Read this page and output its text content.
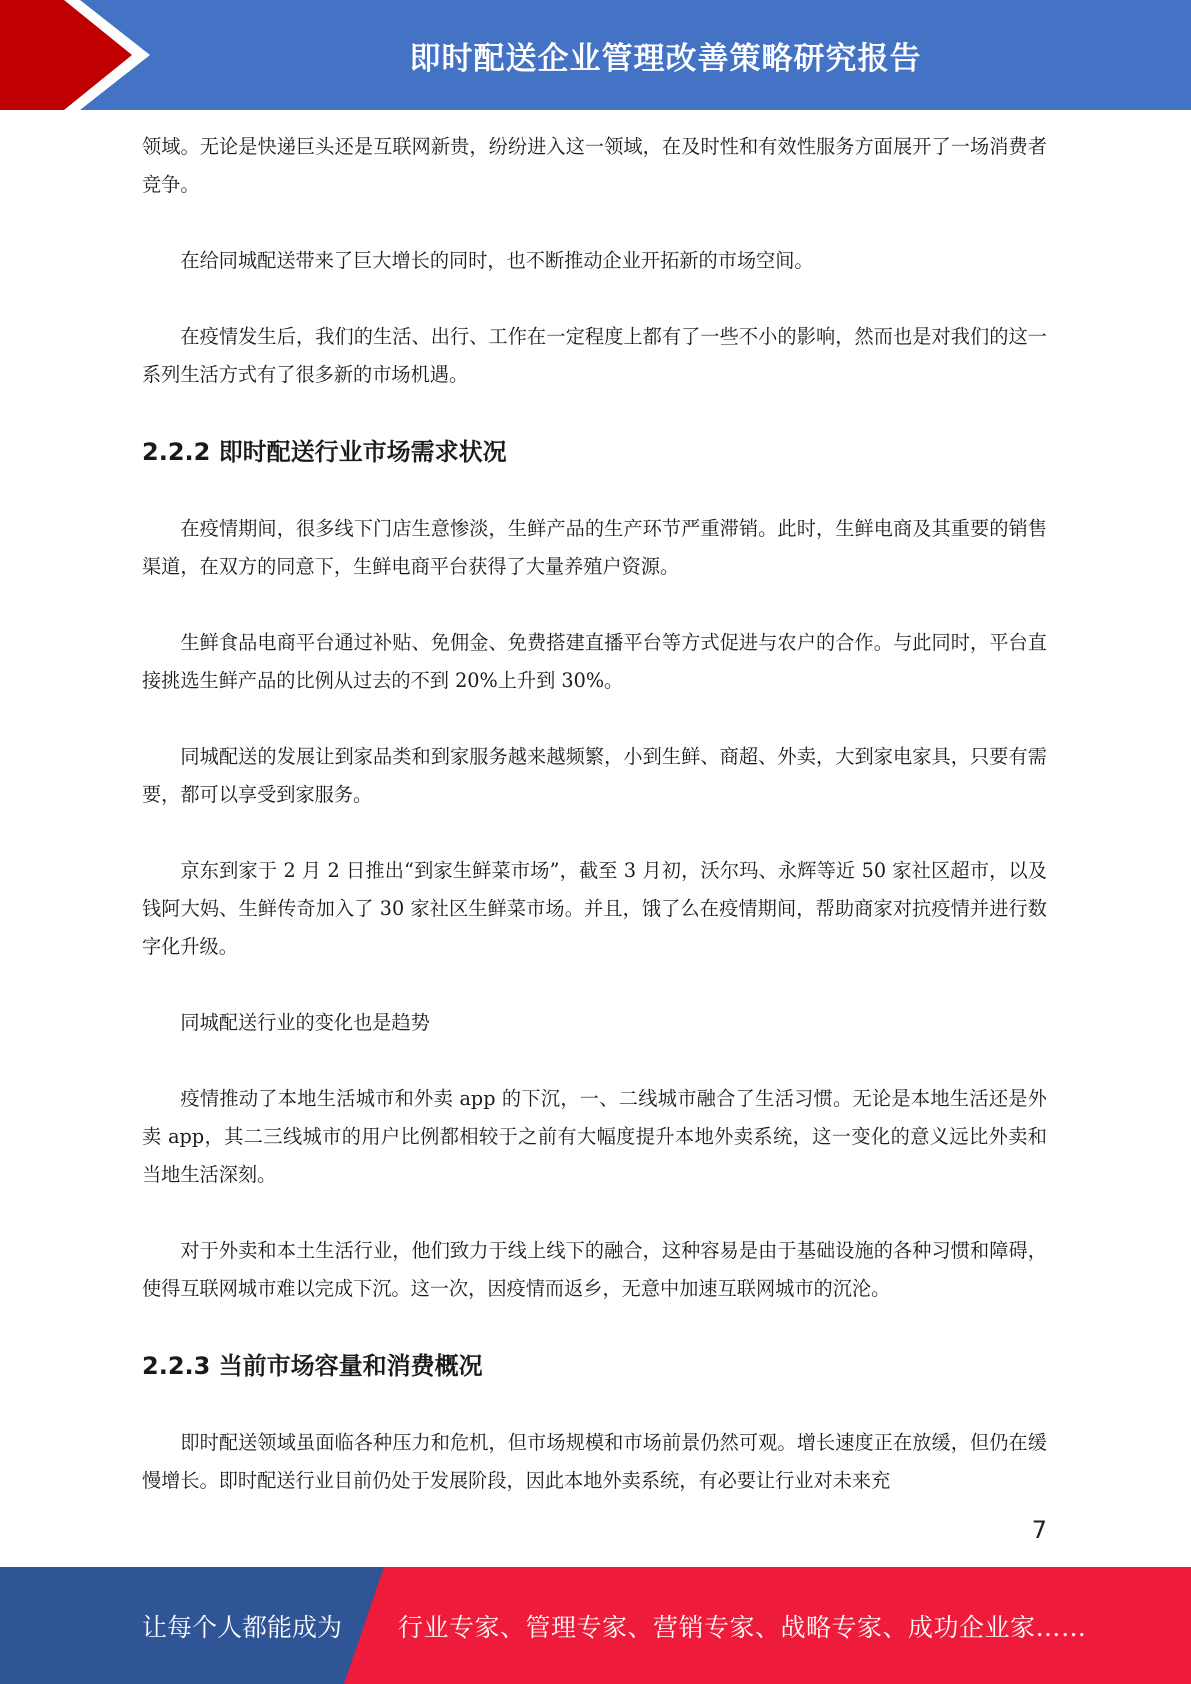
即时配送企业管理改善策略研究报告

领域。无论是快递巨头还是互联网新贵，纷纷进入这一领域，在及时性和有效性服务方面展开了一场消费者竞争。

在给同城配送带来了巨大增长的同时，也不断推动企业开拓新的市场空间。

在疫情发生后，我们的生活、出行、工作在一定程度上都有了一些不小的影响，然而也是对我们的这一系列生活方式有了很多新的市场机遇。

2.2.2 即时配送行业市场需求状况

在疫情期间，很多线下门店生意惨淡，生鲜产品的生产环节严重滞销。此时，生鲜电商及其重要的销售渠道，在双方的同意下，生鲜电商平台获得了大量养殖户资源。

生鲜食品电商平台通过补贴、免佣金、免费搭建直播平台等方式促进与农户的合作。与此同时，平台直接挑选生鲜产品的比例从过去的不到 20%上升到 30%。

同城配送的发展让到家品类和到家服务越来越频繁，小到生鲜、商超、外卖，大到家电家具，只要有需要，都可以享受到家服务。

京东到家于 2 月 2 日推出“到家生鲜菜市场”，截至 3 月初，沃尔玛、永辉等近 50 家社区超市，以及钱阿大妈、生鲜传奇加入了 30 家社区生鲜菜市场。并且，饿了么在疫情期间，帮助商家对抗疫情并进行数字化升级。

同城配送行业的变化也是趋势

疫情推动了本地生活城市和外卖 app 的下沉，一、二线城市融合了生活习惯。无论是本地生活还是外卖 app，其二三线城市的用户比例都相较于之前有大幅度提升本地外卖系统，这一变化的意义远比外卖和当地生活深刻。

对于外卖和本土生活行业，他们致力于线上线下的融合，这种容易是由于基础设施的各种习惯和障碍，使得互联网城市难以完成下沉。这一次，因疫情而返乡，无意中加速互联网城市的沉沦。

2.2.3 当前市场容量和消费概况

即时配送领域虽面临各种压力和危机，但市场规模和市场前景仍然可观。增长速度正在放缓，但仍在缓慢增长。即时配送行业目前仍处于发展阶段，因此本地外卖系统，有必要让行业对未来充

7
让每个人都能成为 行业专家、管理专家、营销专家、战略专家、成功企业家……
